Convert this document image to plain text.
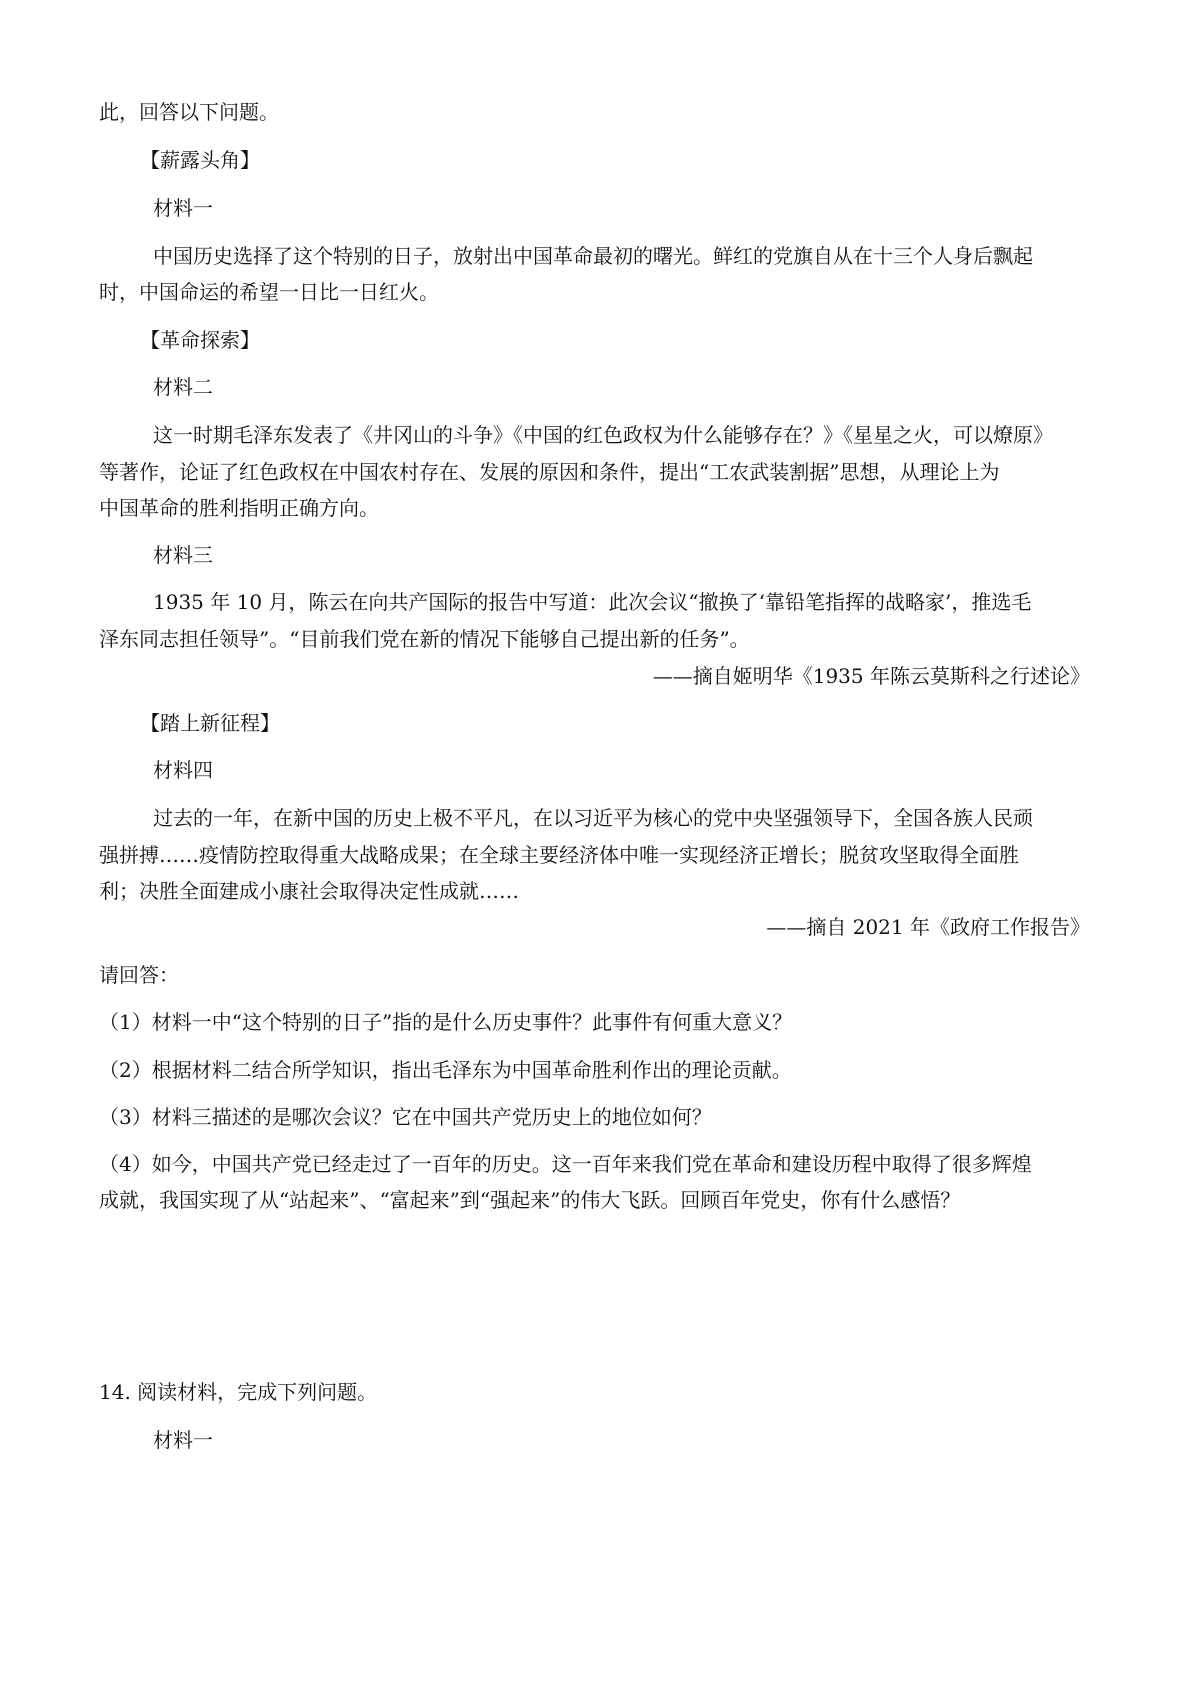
此，回答以下问题。
【薪露头角】
材料一
中国历史选择了这个特别的日子，放射出中国革命最初的曙光。鲜红的党旗自从在十三个人身后飘起
时，中国命运的希望一日比一日红火。
【革命探索】
材料二
这一时期毛泽东发表了《井冈山的斗争》《中国的红色政权为什么能够存在？》《星星之火，可以燎原》
等著作，论证了红色政权在中国农村存在、发展的原因和条件，提出“工农武装割据”思想，从理论上为
中国革命的胜利指明正确方向。
材料三
1935 年 10 月，陈云在向共产国际的报告中写道：此次会议“撤换了‘靠铅笔指挥的战略家’，推选毛
泽东同志担任领导”。“目前我们党在新的情况下能够自己提出新的任务”。
——摘自姬明华《1935 年陈云莫斯科之行述论》
【踏上新征程】
材料四
过去的一年，在新中国的历史上极不平凡，在以习近平为核心的党中央坚强领导下，全国各族人民顽
强拼搏……疫情防控取得重大战略成果；在全球主要经济体中唯一实现经济正增长；脱贫攻坚取得全面胜
利；决胜全面建成小康社会取得决定性成就……
——摘自 2021 年《政府工作报告》
请回答：
（1）材料一中“这个特别的日子”指的是什么历史事件？此事件有何重大意义？
（2）根据材料二结合所学知识，指出毛泽东为中国革命胜利作出的理论贡献。
（3）材料三描述的是哪次会议？它在中国共产党历史上的地位如何？
（4）如今，中国共产党已经走过了一百年的历史。这一百年来我们党在革命和建设历程中取得了很多辉煌
成就，我国实现了从“站起来”、“富起来”到“强起来”的伟大飞跃。回顾百年党史，你有什么感悟？
14. 阅读材料，完成下列问题。
材料一
